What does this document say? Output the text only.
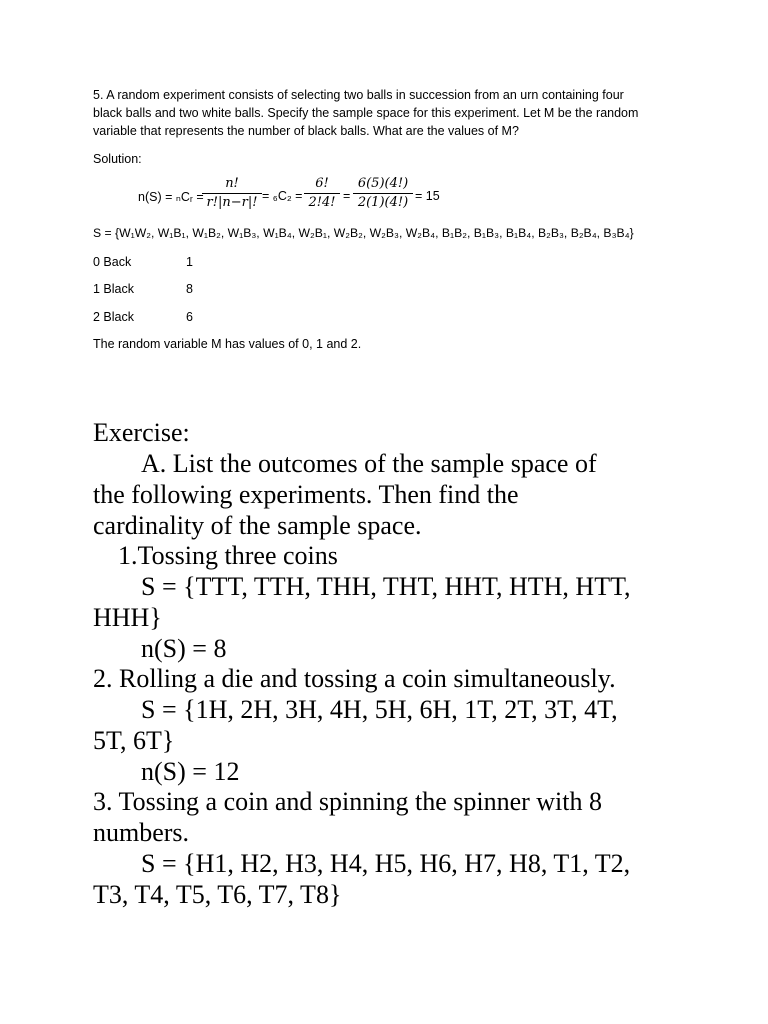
5. A random experiment consists of selecting two balls in succession from an urn containing four
black balls and two white balls. Specify the sample space for this experiment. Let M be the random
variable that represents the number of black balls. What are the values of M?
Solution:
n(S) = ₙCᵣ =
n!
r!|n−r|! = ₆C₂ =
6!
2!4! =
6(5)(4!)
2(1)(4!) = 15
S = {W₁W₂, W₁B₁, W₁B₂, W₁B₃, W₁B₄, W₂B₁, W₂B₂, W₂B₃, W₂B₄, B₁B₂, B₁B₃, B₁B₄, B₂B₃, B₂B₄, B₃B₄}
0 Back	1
1 Black	8
2 Black	6
The random variable M has values of 0, 1 and 2.
Exercise:
A. List the outcomes of the sample space of
the following experiments. Then find the
cardinality of the sample space.
1.Tossing three coins
S = {TTT, TTH, THH, THT, HHT, HTH, HTT,
HHH}
n(S) = 8
2. Rolling a die and tossing a coin simultaneously.
S = {1H, 2H, 3H, 4H, 5H, 6H, 1T, 2T, 3T, 4T,
5T, 6T}
n(S) = 12
3. Tossing a coin and spinning the spinner with 8
numbers.
S = {H1, H2, H3, H4, H5, H6, H7, H8, T1, T2,
T3, T4, T5, T6, T7, T8}
